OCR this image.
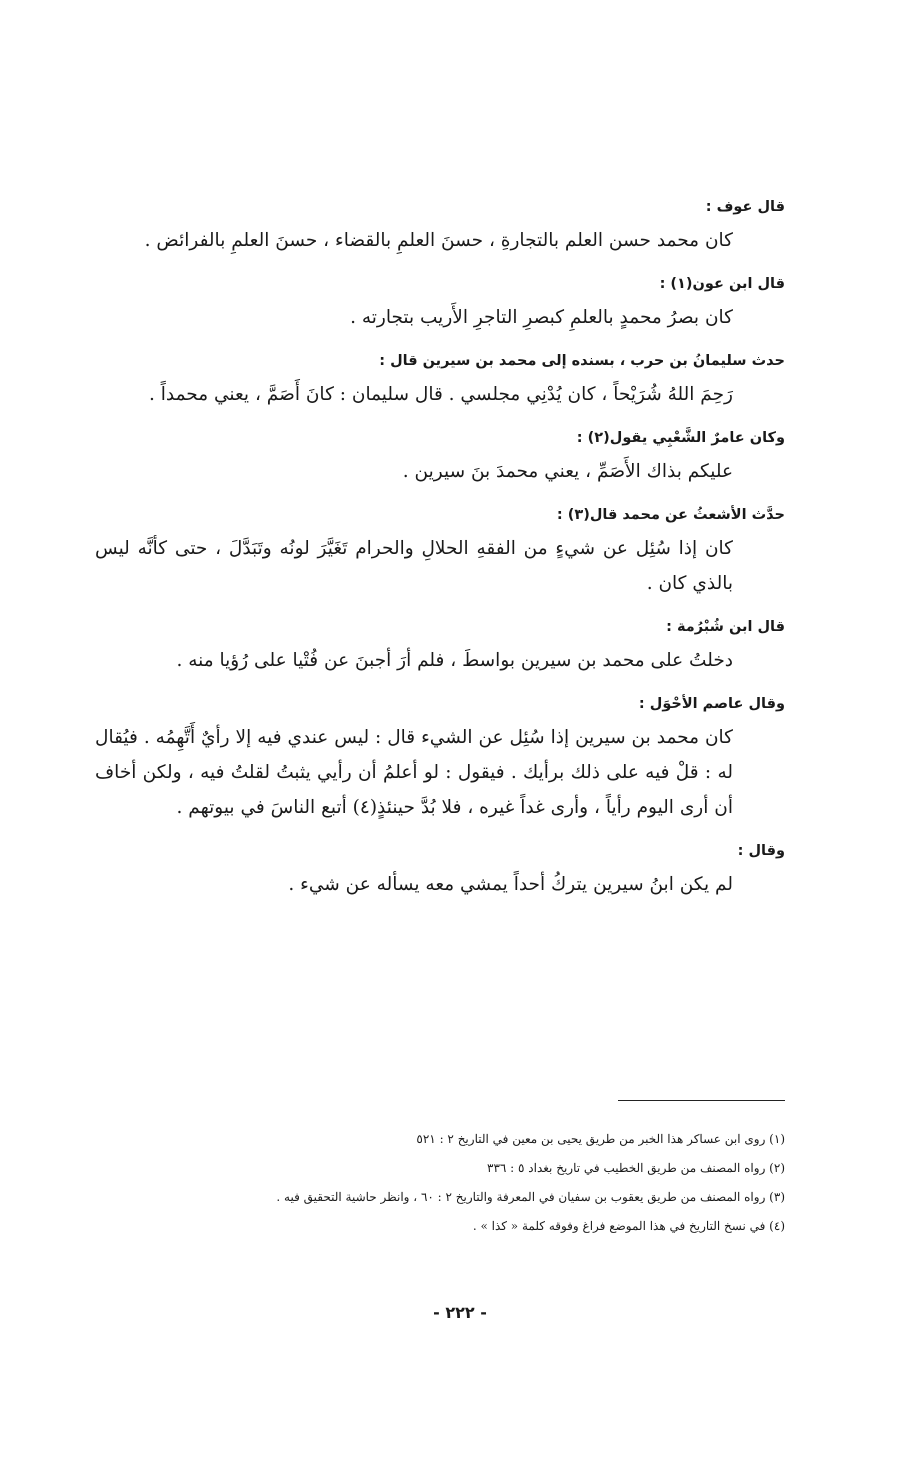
قال عوف :

كان محمد حسن العلم بالتجارةِ ، حسنَ العلمِ بالقضاء ، حسنَ العلمِ بالفرائض .

قال ابن عون(١) :

كان بصرُ محمدٍ بالعلمِ كبصرِ التاجرِ الأَريب بتجارته .

حدث سليمانُ بن حرب ، بسنده إلى محمد بن سيرين قال :

رَحِمَ اللهُ شُرَيْحاً ، كان يُدْنِي مجلسي . قال سليمان : كانَ أَصَمَّ ، يعني محمداً .

وكان عامرٌ الشَّعْبِي يقول(٢) :

عليكم بذاك الأَصَمِّ ، يعني محمدَ بنَ سيرين .

حدَّث الأشعثُ عن محمد قال(٣) :

كان إذا سُئِل عن شيءٍ من الفقهِ الحلالِ والحرام تَغَيَّرَ لونُه وتَبَدَّلَ ، حتى كأنَّه ليس بالذي كان .

قال ابن شُبْرُمة :

دخلتُ على محمد بن سيرين بواسطَ ، فلم أرَ أجبنَ عن فُتْيا على رُؤيا منه .

وقال عاصم الأحْوَل :

كان محمد بن سيرين إذا سُئِل عن الشيء قال : ليس عندي فيه إلا رأيٌ أَتَّهِمُه . فيُقال له : قلْ فيه على ذلك برأيك . فيقول : لو أعلمُ أن رأيي يثبتُ لقلتُ فيه ، ولكن أخاف أن أرى اليوم رأياً ، وأرى غداً غيره ، فلا بُدَّ حينئذٍ(٤) أتبع الناسَ في بيوتهم .

وقال :

لم يكن ابنُ سيرين يتركُ أحداً يمشي معه يسأله عن شيء .

(١) روى ابن عساكر هذا الخبر من طريق يحيى بن معين في التاريخ ٢ : ٥٢١

(٢) رواه المصنف من طريق الخطيب في تاريخ بغداد ٥ : ٣٣٦

(٣) رواه المصنف من طريق يعقوب بن سفيان في المعرفة والتاريخ ٢ : ٦٠ ، وانظر حاشية التحقيق فيه .

(٤) في نسخ التاريخ في هذا الموضع فراغ وفوقه كلمة « كذا » .

- ٢٢٢ -
